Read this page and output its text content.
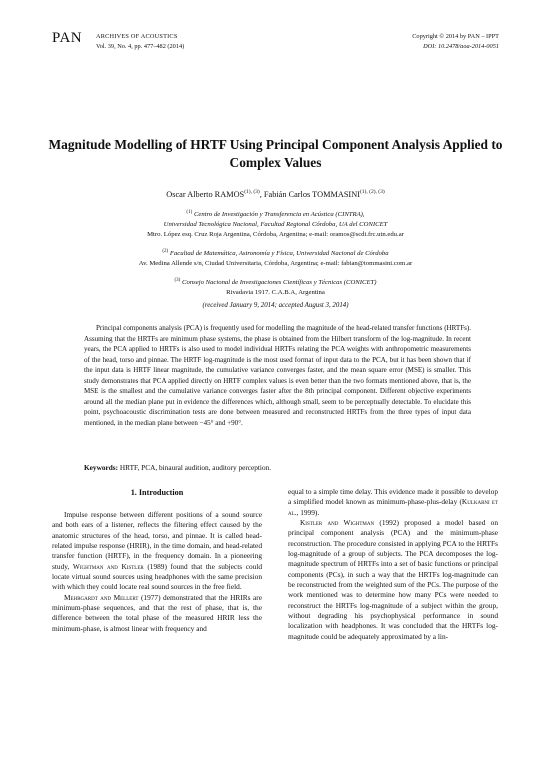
PAN ARCHIVES OF ACOUSTICS
Vol. 39, No. 4, pp. 477–482 (2014)
Copyright © 2014 by PAN – IPPT
DOI: 10.2478/aoa-2014-0051
Magnitude Modelling of HRTF Using Principal Component Analysis Applied to Complex Values
Oscar Alberto $RAMOS^{(1), (3)}$, Fabián Carlos $TOMMASINI^{(1), (2), (3)}$
$^{(1)}$ Centro de Investigación y Transferencia en Acústica (CINTRA),
Universidad Tecnológica Nacional, Facultad Regional Córdoba, UA del CONICET
Mtro. López esq. Cruz Roja Argentina, Córdoba, Argentina; e-mail: oramos@scdi.frc.utn.edu.ar
$^{(2)}$ Facultad de Matemática, Astronomía y Física, Universidad Nacional de Córdoba
Av. Medina Allende s/n, Ciudad Universitaria, Córdoba, Argentina; e-mail: fabian@tommasini.com.ar
$^{(3)}$ Consejo Nacional de Investigaciones Científicas y Técnicas (CONICET)
Rivadavia 1917. C.A.B.A, Argentina
(received January 9, 2014; accepted August 3, 2014)

Principal components analysis (PCA) is frequently used for modelling the magnitude of the head-related transfer functions (HRTFs). Assuming that the HRTFs are minimum phase systems, the phase is obtained from the Hilbert transform of the log-magnitude. In recent years, the PCA applied to HRTFs is also used to model individual HRTFs relating the PCA weights with anthropometric measurements of the head, torso and pinnae. The HRTF log-magnitude is the most used format of input data to the PCA, but it has been shown that if the input data is HRTF linear magnitude, the cumulative variance converges faster, and the mean square error (MSE) is smaller. This study demonstrates that PCA applied directly on HRTF complex values is even better than the two formats mentioned above, that is, the MSE is the smallest and the cumulative variance converges faster after the 8th principal component. Different objective experiments around all the median plane put in evidence the differences which, although small, seem to be perceptually detectable. To elucidate this point, psychoacoustic discrimination tests are done between measured and reconstructed HRTFs from the three types of input data mentioned, in the median plane between −45° and +90°.

Keywords: HRTF, PCA, binaural audition, auditory perception.
1. Introduction

Impulse response between different positions of a sound source and both ears of a listener, reflects the filtering effect caused by the anatomic structures of the head, torso, and pinnae. It is called head-related impulse response (HRIR), in the time domain, and head-related transfer function (HRTF), in the frequency domain. In a pioneering study, Wightman and Kistler (1989) found that the subjects could locate virtual sound sources using headphones with the same precision with which they could locate real sound sources in the free field.

Mehrgardt and Mellert (1977) demonstrated that the HRIRs are minimum-phase sequences, and that the rest of phase, that is, the difference between the total phase of the measured HRIR less the minimum-phase, is almost linear with frequency and

equal to a simple time delay. This evidence made it possible to develop a simplified model known as minimum-phase-plus-delay (Kulkarni et al., 1999).

Kistler and Wightman (1992) proposed a model based on principal component analysis (PCA) and the minimum-phase reconstruction. The procedure consisted in applying PCA to the HRTFs log-magnitude of a group of subjects. The PCA decomposes the log-magnitude spectrum of HRTFs into a set of basic functions or principal components (PCs), in such a way that the HRTFs log-magnitude can be reconstructed from the weighted sum of the PCs. The purpose of the work mentioned was to determine how many PCs were needed to reconstruct the HRTFs log-magnitude of a subject within the group, without degrading his psychophysical performance in sound localization with headphones. It was concluded that the HRTFs log-magnitude could be adequately approximated by a lin-
